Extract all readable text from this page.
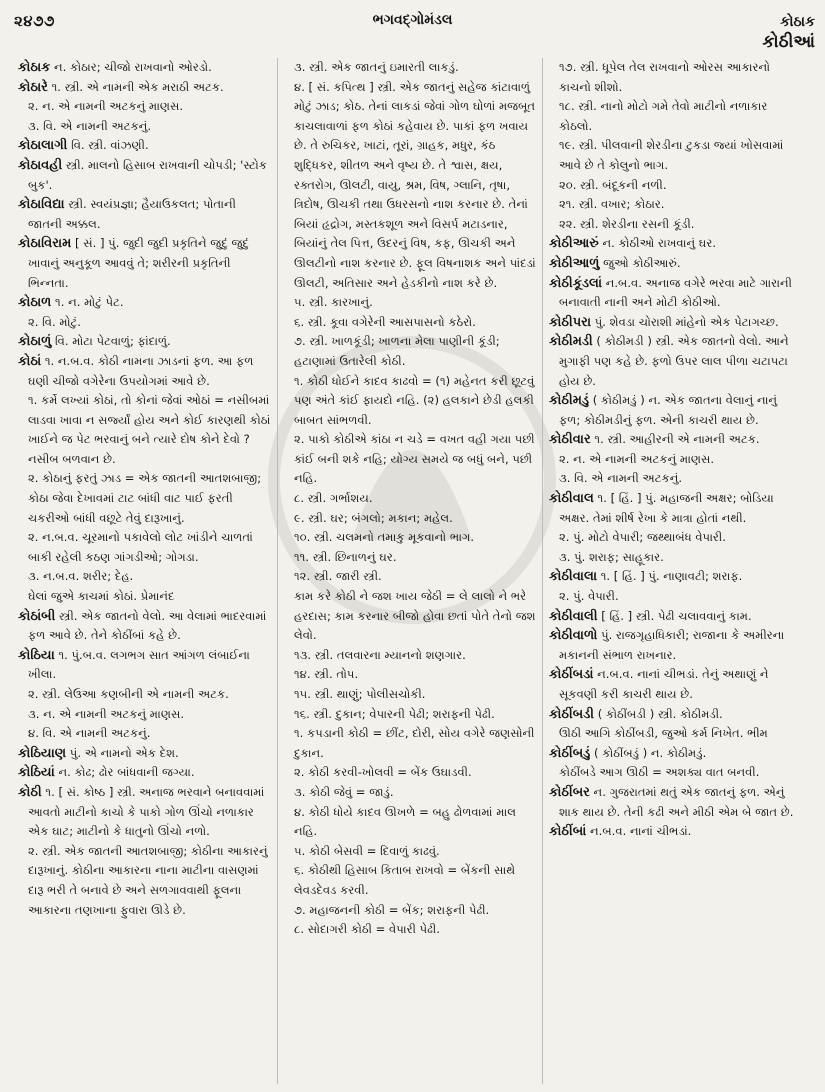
૨૪૭૭	ભગવદ્ગોમંડલ	કોઠાક
કોઠીઆં

કોઠાક ન. કોઠાર; ચીજો રાખવાનો ઓરડો.

કોઠારે ૧. સ્ત્રી. એ નામની એક મરાઠી અટક.

૨. ન. એ નામની અટકનું માણસ.

૩. વિ. એ નામની અટકનું.

કોઠાલાગી વિ. સ્ત્રી. વાંઝણી.

કોઠાવહી સ્ત્રી. માલનો હિસાબ રાખવાની ચોપડી; 'સ્ટોક બુક'.

કોઠાવિદ્યા સ્ત્રી. સ્વયંપ્રજ્ઞા; હૈયાઉકલત; પોતાની જાતની અક્કલ.

કોઠાવિરામ [ સં. ] પું. જુદી જુદી પ્રકૃતિને જુદું જુદું ખાવાનું અનુકૂળ આવવું તે; શરીરની પ્રકૃતિની ભિન્નતા.

કોઠાળ ૧. ન. મોટું પેટ.

૨. વિ. મોટું.

કોઠાળું વિ. મોટા પેટવાળું; ફાંદાળું.

કોઠાં ૧. ન.બ.વ. કોઠી નામના ઝાડનાં ફળ. આ ફળ ઘણી ચીજો વગેરેના ઉપયોગમાં આવે છે.

૧. કર્મે લખ્યાં કોઠાં, તો કોનાં જેવાં ઓઠાં = નસીબમાં લાડવા ખાવા ન સર્જ્યાં હોય અને કોઈ કારણથી કોઠાં ખાઈને જ પેટ ભરવાનું બને ત્યારે દોષ કોને દેવો ? નસીબ બળવાન છે.

૨. કોઠાનું ફરતું ઝાડ = એક જાતની આતશબાજી; કોઠા જેવા દેખાવમાં ટાટ બાંધી વાટ પાઈ ફરતી ચકરીઓ બાંધી વછૂટે તેવું દારૂખાનું.

૨. ન.બ.વ. ચૂરમાનો પકાવેલો લોટ ખાંડીને ચાળતાં બાકી રહેલી કઠણ ગાંગડીઓ; ગોગડા.

૩. ન.બ.વ. શરીર; દેહ.

ઘેલાં જુએ કાચમાં કોઠાં. પ્રેમાનંદ

કોઠાંબી સ્ત્રી. એક જાતનો વેલો. આ વેલામાં ભાદરવામાં ફળ આવે છે. તેને કોઠીંબાં કહે છે.

કોઠિયા ૧. પું.બ.વ. લગભગ સાત આંગળ લંબાઈના ખીલા.

૨. સ્ત્રી. લેઉઆ કણબીની એ નામની અટક.

૩. ન. એ નામની અટકનું માણસ.

૪. વિ. એ નામની અટકનું.

કોઠિયાણ પું. એ નામનો એક દેશ.

કોઠિયાં ન. કોઢ; ઢોર બાંધવાની જગ્યા.

કોઠી ૧. [ સં. કોષ્ઠ ] સ્ત્રી. અનાજ ભરવાને બનાવવામાં આવતો માટીનો કાચો કે પાકો ગોળ ઊંચો નળાકાર એક ઘાટ; માટીનો કે ધાતુનો ઊંચો નળો.

૨. સ્ત્રી. એક જાતની આતશબાજી; કોઠીના આકારનું દારૂખાનું. કોઠીના આકારના નાના માટીના વાસણમાં દારૂ ભરી તે બનાવે છે અને સળગાવવાથી ફૂલના આકારના તણખાના ફુવારા ઊડે છે.

૩. સ્ત્રી. એક જાતનું ઇમારતી લાકડું.

૪. [ સં. કપિત્થ ] સ્ત્રી. એક જાતનું સહેજ કાંટાવાળું મોટું ઝાડ; કોઠ. તેનાં લાકડાં જેવાં ગોળ ઘોળાં મજબૂત કાચલાવાળાં ફળ કોઠાં કહેવાય છે. પાકાં ફળ ખવાય છે. તે રુચિકર, ખાટાં, તૂરાં, ગ્રાહક, મધુર, કંઠ શુદ્ધિકર, શીતળ અને વૃષ્ય છે. તે શ્વાસ, ક્ષય, રક્તરોગ, ઊલટી, વાયુ, શ્રમ, વિષ, ગ્લાનિ, તૃષા, ત્રિદોષ, ઊચકી તથા ઉધરસનો નાશ કરનાર છે. તેનાં બિયાં હૃદ્રોગ, મસ્તકશૂળ અને વિસર્પ મટાડનાર, બિયાંનું તેલ પિત્ત, ઉદરનું વિષ, કફ, ઊચકી અને ઊલટીનો નાશ કરનાર છે. ફૂલ વિષનાશક અને પાંદડાં ઊલટી, અતિસાર અને હેડકીનો નાશ કરે છે.

૫. સ્ત્રી. કારખાનું.

૬. સ્ત્રી. કૂવા વગેરેની આસપાસનો કઠેરો.

૭. સ્ત્રી. ખાળકૂંડી; ખાળના મેલા પાણીની કૂંડી; હટાણામાં ઉતારેલી કોઠી.

૧. કોઠી ધોઈને કાદવ કાઢવો = (૧) મહેનત કરી છૂટવું પણ અંતે કાંઈ ફાયદો નહિ. (૨) હલકાને છેડી હલકી બાબત સાંભળવી.

૨. પાકો કોઠીએ કાંઠા ન ચડે = વખત વહી ગયા પછી કાંઈ બની શકે નહિ; યોગ્ય સમયે જ બધું બને, પછી નહિ.

૮. સ્ત્રી. ગર્ભાશય.

૯. સ્ત્રી. ઘર; બંગલો; મકાન; મહેલ.

૧૦. સ્ત્રી. ચલમનો તમાકુ મૂકવાનો ભાગ.

૧૧. સ્ત્રી. છિનાળનું ઘર.

૧૨. સ્ત્રી. જારી સ્ત્રી.

કામ કરે કોઠી ને જશ ખાય જેઠી = લે લાલો ને ભરે હરદાસ; કામ કરનાર બીજો હોવા છતાં પોતે તેનો જશ લેવો.

૧૩. સ્ત્રી. તલવારના મ્યાનનો શણગાર.

૧૪. સ્ત્રી. તોપ.

૧૫. સ્ત્રી. થાણું; પોલીસચોકી.

૧૬. સ્ત્રી. દુકાન; વેપારની પેઢી; શરાફની પેઢી.

૧. કપડાની કોઠી = છીંટ, દોરી, સોય વગેરે જણસોની દુકાન.

૨. કોઠી કરવી-ખોલવી = બેંક ઉઘાડવી.

૩. કોઠી જેવું = જાડું.

૪. કોઠી ધોયે કાદવ ઊખળે = બહુ ઢોળવામાં માલ નહિ.

૫. કોઠી બેસવી = દિવાળું કાઢવું.

૬. કોઠીથી હિસાબ કિતાબ રાખવો = બેંકની સાથે લેવડદેવડ કરવી.

૭. મહાજનની કોઠી = બેંક; શરાફની પેઢી.

૮. સોદાગરી કોઠી = વેપારી પેઢી.

૧૭. સ્ત્રી. ધૂપેલ તેલ રાખવાનો ઓરસ આકારનો કાચનો શીશો.

૧૮. સ્ત્રી. નાનો મોટો ગમે તેવો માટીનો નળાકાર કોઠલો.

૧૯. સ્ત્રી. પીલવાની શેરડીના ટુકડા જ્યાં ખોસવામાં આવે છે તે કોલુનો ભાગ.

૨૦. સ્ત્રી. બંદૂકની નળી.

૨૧. સ્ત્રી. વખાર; કોઠાર.

૨૨. સ્ત્રી. શેરડીના રસની કૂંડી.

કોઠીઆરું ન. કોઠીઓ રાખવાનું ઘર.

કોઠીઆળું જુઓ કોઠીઆરું.

કોઠીકૂંડલાં ન.બ.વ. અનાજ વગેરે ભરવા માટે ગારાની બનાવાતી નાની અને મોટી કોઠીઓ.

કોઠીપરા પું. શેવડા ચોરાશી માંહેનો એક પેટાગચ્છ.

કોઠીમડી ( કોઠીમડી ) સ્ત્રી. એક જાતનો વેલો. આને મુગાફી પણ કહે છે. ફળો ઉપર લાલ પીળા ચટાપટા હોય છે.

કોઠીમડું ( કોઠીમડું ) ન. એક જાતના વેલાનું નાનું ફળ; કોઠીમડીનું ફળ. એની કાચરી થાય છે.

કોઠીવાર ૧. સ્ત્રી. આહીરની એ નામની અટક.

૨. ન. એ નામની અટકનું માણસ.

૩. વિ. એ નામની અટકનું.

કોઠીવાલ ૧. [ હિં. ] પું. મહાજની અક્ષર; બોડિયા અક્ષર. તેમાં શીર્ષ રેખા કે માત્રા હોતાં નથી.

૨. પું. મોટો વેપારી; જથ્થાબંધ વેપારી.

૩. પું. શરાફ; સાહૂકાર.

કોઠીવાલા ૧. [ હિં. ] પું. નાણાવટી; શરાફ.

૨. પું. વેપારી.

કોઠીવાલી [ હિં. ] સ્ત્રી. પેઢી ચલાવવાનું કામ.

કોઠીવાળો પું. રાજગૃહાધિકારી; રાજાના કે અમીરના મકાનની સંભાળ રાખનાર.

કોઠીંબડાં ન.બ.વ. નાનાં ચીભડાં. તેનું અથાણું ને સૂકવણી કરી કાચરી થાય છે.

કોઠીંબડી ( કોઠીંબડી ) સ્ત્રી. કોઠીમડી.

ઊઠી આગિ કોઠીંબડી, જુઓ કર્મ નિખેત. ભીમ

કોઠીંબડું ( કોઠીંબડું ) ન. કોઠીમડું.

કોઠીંબડે આગ ઊઠી = અશક્ય વાત બનવી.

કોઠીંબર ન. ગુજરાતમાં થતું એક જાતનું ફળ. એનું શાક થાય છે. તેની કઢી અને મીઠી એમ બે જાત છે.

કોઠીંબાં ન.બ.વ. નાનાં ચીભડાં.
